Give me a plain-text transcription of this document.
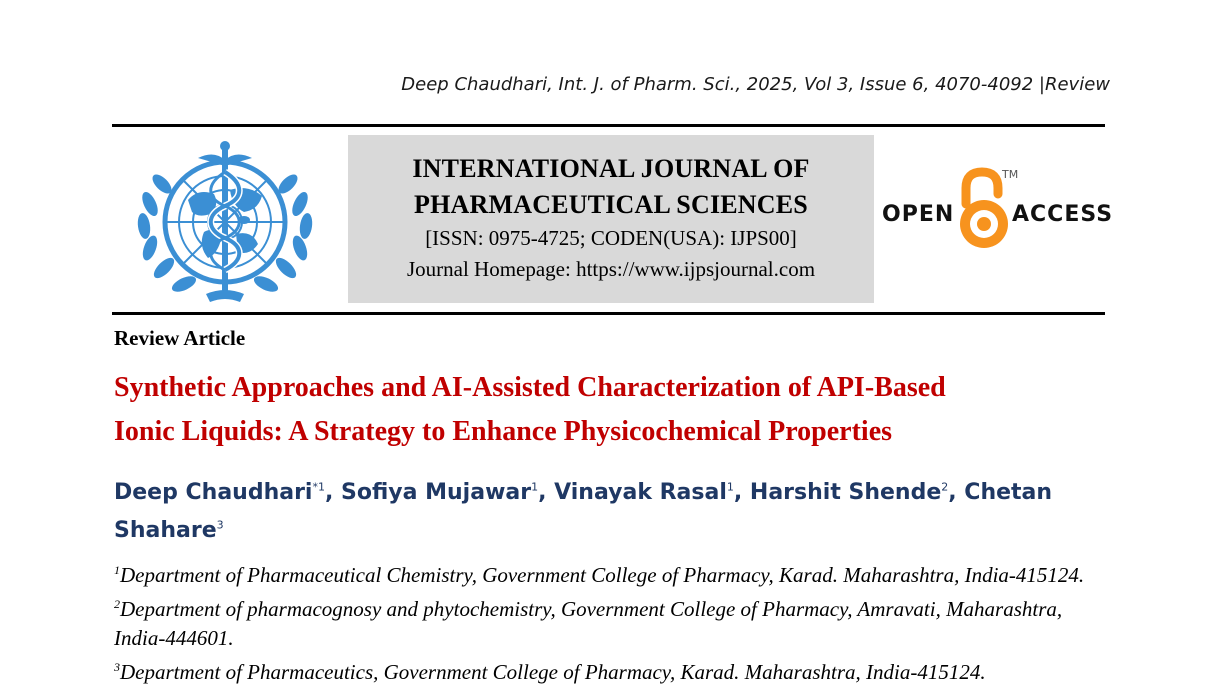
Deep Chaudhari, Int. J. of Pharm. Sci., 2025, Vol 3, Issue 6, 4070-4092 |Review
INTERNATIONAL JOURNAL OF
PHARMACEUTICAL SCIENCES
[ISSN: 0975-4725; CODEN(USA): IJPS00]
Journal Homepage: https://www.ijpsjournal.com
OPEN
TM
ACCESS
Review Article
Synthetic Approaches and AI-Assisted Characterization of API-Based
Ionic Liquids: A Strategy to Enhance Physicochemical Properties
Deep Chaudhari$^{*1}$, Sofiya Mujawar$^1$, Vinayak Rasal$^1$, Harshit Shende$^2$, Chetan Shahare$^3$
$^1$Department of Pharmaceutical Chemistry, Government College of Pharmacy, Karad. Maharashtra, India-415124.
$^2$Department of pharmacognosy and phytochemistry, Government College of Pharmacy, Amravati, Maharashtra, India-444601.
$^3$Department of Pharmaceutics, Government College of Pharmacy, Karad. Maharashtra, India-415124.
